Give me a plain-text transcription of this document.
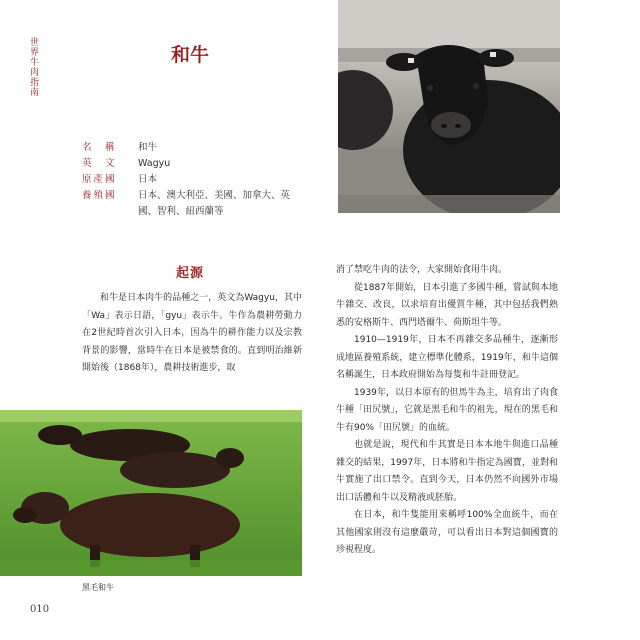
世界牛肉指南
和牛
名　稱	和牛
英　文	Wagyu
原產國	日本
養殖國	日本、澳大利亞、美國、加拿大、英國、智利、紐西蘭等
起源

和牛是日本肉牛的品種之一，英文為Wagyu，其中「Wa」表示日語，「gyu」表示牛。牛作為農耕勞動力在2世紀時首次引入日本，因為牛的耕作能力以及宗教背景的影響，當時牛在日本是被禁食的。直到明治維新開始後（1868年），農耕技術進步，取

黑毛和牛
010

消了禁吃牛肉的法令，大家開始食用牛肉。

從1887年開始，日本引進了多國牛種，嘗試與本地牛雜交、改良，以求培育出優質牛種，其中包括我們熟悉的安格斯牛、西門塔爾牛、荷斯坦牛等。

1910—1919年，日本不再雜交多品種牛，逐漸形成地區養殖系統，建立標準化體系，1919年，和牛這個名稱誕生，日本政府開始為每隻和牛註冊登記。

1939年，以日本原有的但馬牛為主，培育出了肉食牛種「田尻號」，它就是黑毛和牛的祖先，現在的黑毛和牛有90%「田尻號」的血統。

也就是說，現代和牛其實是日本本地牛與進口品種雜交的結果，1997年，日本將和牛指定為國寶，並對和牛實施了出口禁令。直到今天，日本仍然不向國外市場出口活體和牛以及精液或胚胎。

在日本，和牛隻能用來稱呼100%全血統牛，而在其他國家則沒有這麼嚴苛，可以看出日本對這個國寶的珍視程度。
